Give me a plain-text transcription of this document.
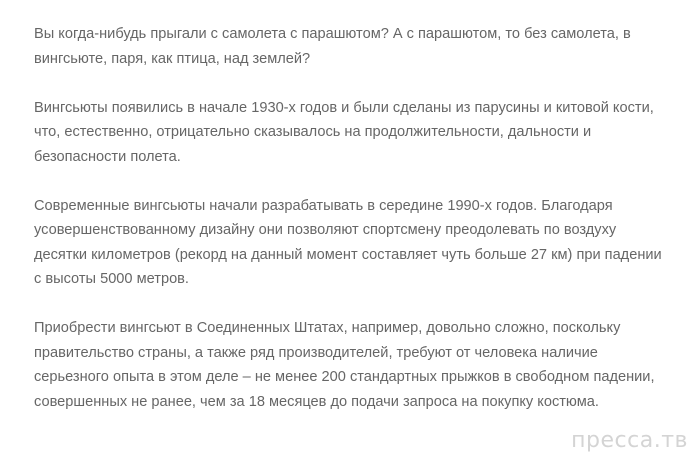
Вы когда-нибудь прыгали с самолета с парашютом? А с парашютом, то без самолета, в
вингсьюте, паря, как птица, над землей?

Вингсьюты появились в начале 1930-х годов и были сделаны из парусины и китовой кости,
что, естественно, отрицательно сказывалось на продолжительности, дальности и
безопасности полета.

Современные вингсьюты начали разрабатывать в середине 1990-х годов. Благодаря
усовершенствованному дизайну они позволяют спортсмену преодолевать по воздуху
десятки километров (рекорд на данный момент составляет чуть больше 27 км) при падении
с высоты 5000 метров.

Приобрести вингсьют в Соединенных Штатах, например, довольно сложно, поскольку
правительство страны, а также ряд производителей, требуют от человека наличие
серьезного опыта в этом деле – не менее 200 стандартных прыжков в свободном падении,
совершенных не ранее, чем за 18 месяцев до подачи запроса на покупку костюма.

пресса.тв
